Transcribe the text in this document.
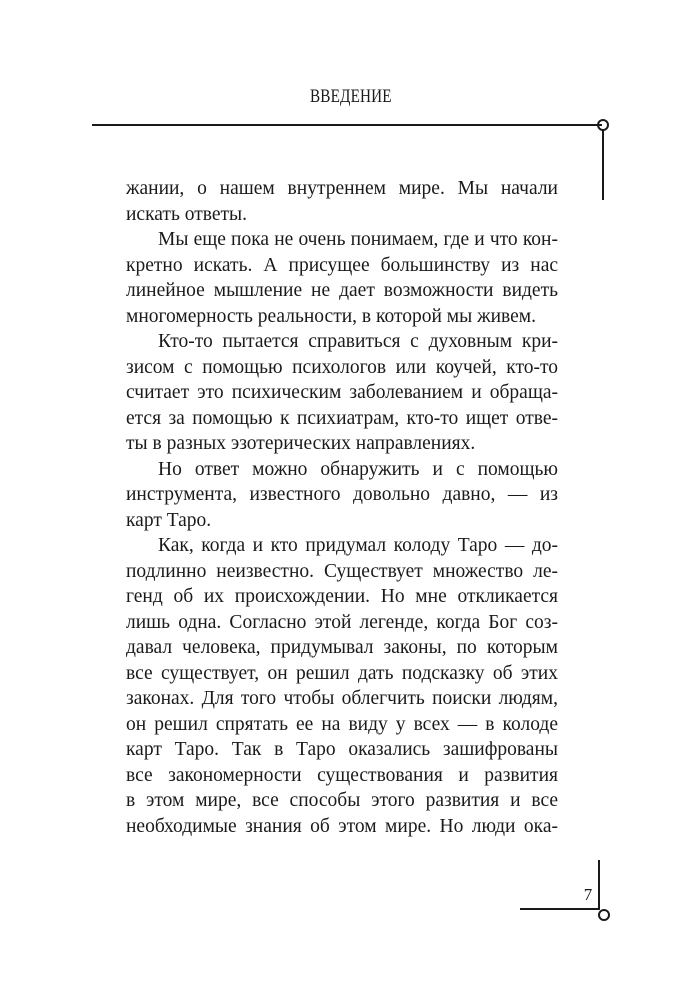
ВВЕДЕНИЕ
жании, о нашем внутреннем мире. Мы начали
искать ответы.
Мы еще пока не очень понимаем, где и что кон-
кретно искать. А присущее большинству из нас
линейное мышление не дает возможности видеть
многомерность реальности, в которой мы живем.
Кто-то пытается справиться с духовным кри-
зисом с помощью психологов или коучей, кто-то
считает это психическим заболеванием и обраща-
ется за помощью к психиатрам, кто-то ищет отве-
ты в разных эзотерических направлениях.
Но ответ можно обнаружить и с помощью
инструмента, известного довольно давно, — из
карт Таро.
Как, когда и кто придумал колоду Таро — до-
подлинно неизвестно. Существует множество ле-
генд об их происхождении. Но мне откликается
лишь одна. Согласно этой легенде, когда Бог соз-
давал человека, придумывал законы, по которым
все существует, он решил дать подсказку об этих
законах. Для того чтобы облегчить поиски людям,
он решил спрятать ее на виду у всех — в колоде
карт Таро. Так в Таро оказались зашифрованы
все закономерности существования и развития
в этом мире, все способы этого развития и все
необходимые знания об этом мире. Но люди ока-
7
